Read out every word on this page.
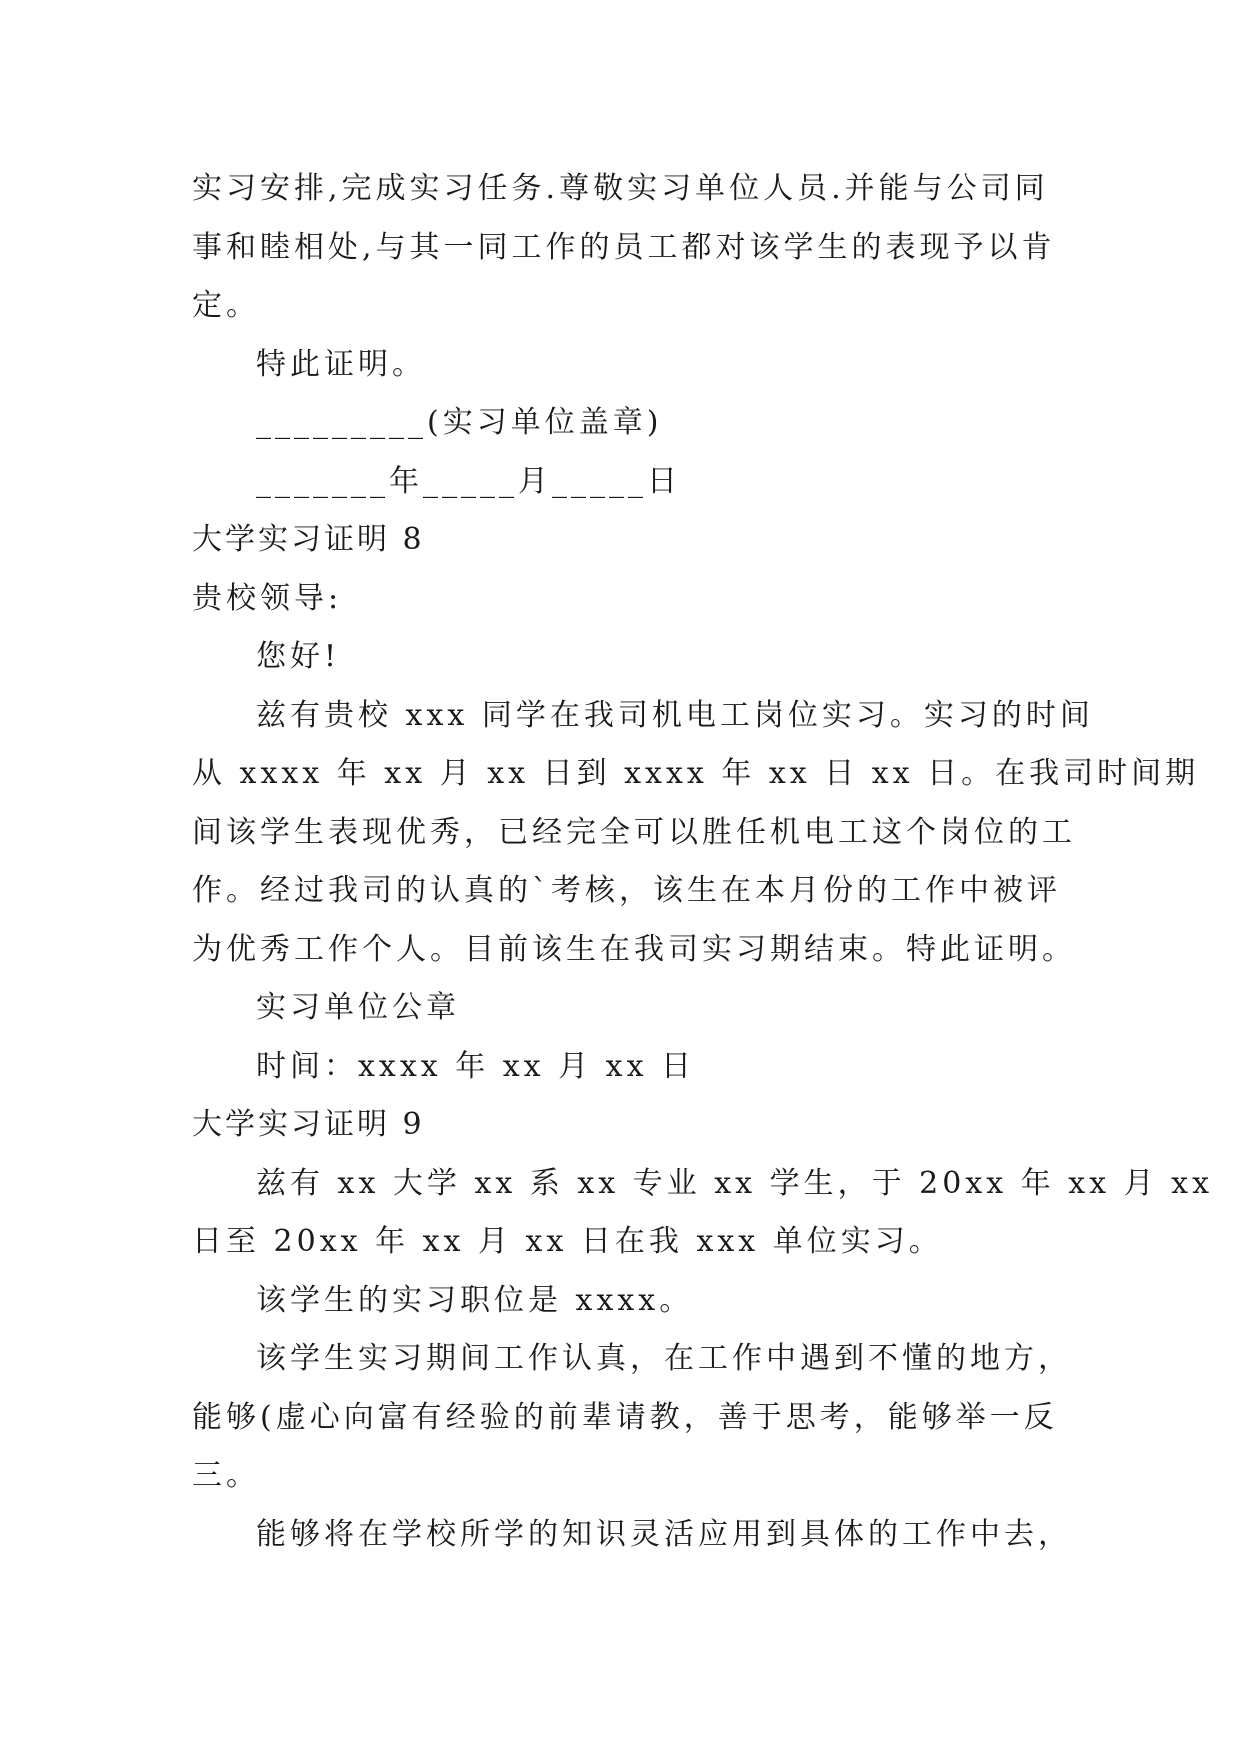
实习安排,完成实习任务.尊敬实习单位人员.并能与公司同
事和睦相处,与其一同工作的员工都对该学生的表现予以肯
定。
特此证明。
_________(实习单位盖章)
_______年_____月_____日
大学实习证明 8
贵校领导:
您好!
兹有贵校 xxx 同学在我司机电工岗位实习。实习的时间
从 xxxx 年 xx 月 xx 日到 xxxx 年 xx 日 xx 日。在我司时间期
间该学生表现优秀，已经完全可以胜任机电工这个岗位的工
作。经过我司的认真的`考核，该生在本月份的工作中被评
为优秀工作个人。目前该生在我司实习期结束。特此证明。
实习单位公章
时间：xxxx 年 xx 月 xx 日
大学实习证明 9
兹有 xx 大学 xx 系 xx 专业 xx 学生，于 20xx 年 xx 月 xx
日至 20xx 年 xx 月 xx 日在我 xxx 单位实习。
该学生的实习职位是 xxxx。
该学生实习期间工作认真，在工作中遇到不懂的地方，
能够(虚心向富有经验的前辈请教，善于思考，能够举一反
三。
能够将在学校所学的知识灵活应用到具体的工作中去，
